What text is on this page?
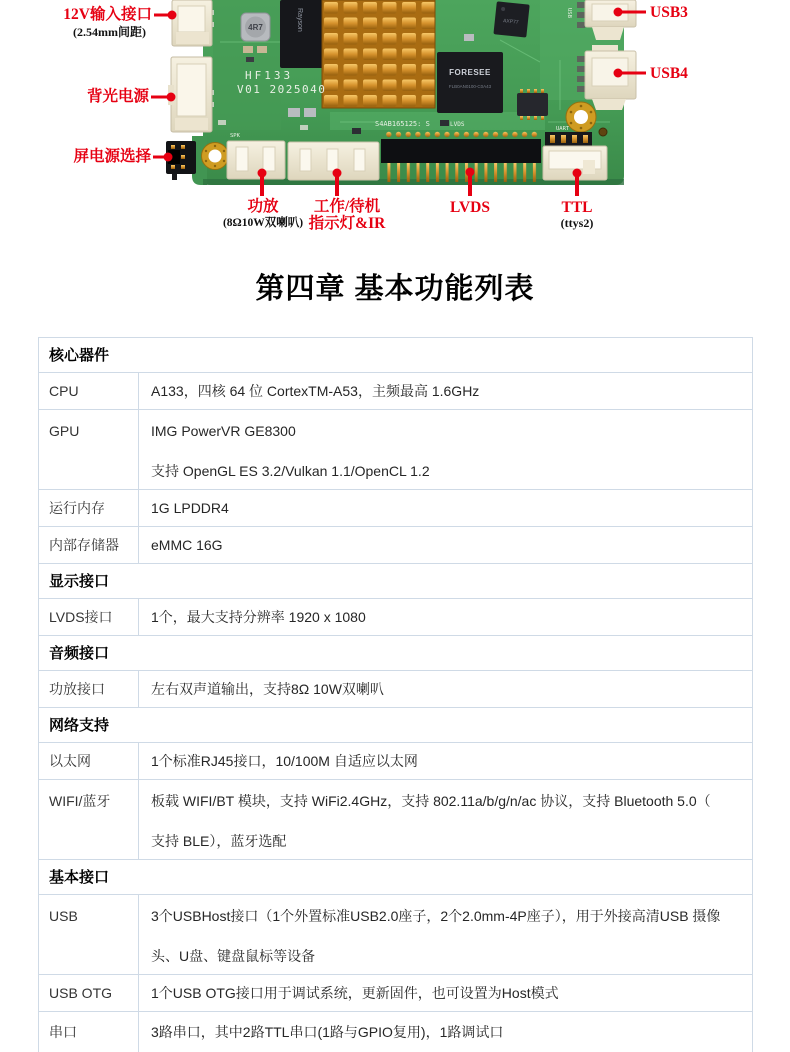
Rayson
4R7
FORESEE
FLB0AN0100-C0A43
AXP77
HF133
V01 2025040
S4AB165125: S	LVDS
UART
SPK
USB
12V输入接口
(2.54mm间距)
背光电源
屏电源选择
USB3
USB4
功放
(8Ω10W双喇叭)
工作/待机
指示灯&IR
LVDS	TTL
(ttys2)
第四章 基本功能列表
核心器件
CPU	A133，四核 64 位 CortexTM-A53，主频最高 1.6GHz
GPU	IMG PowerVR GE8300
支持 OpenGL ES 3.2/Vulkan 1.1/OpenCL 1.2
运行内存	1G LPDDR4
内部存储器	eMMC 16G
显示接口
LVDS接口	1个，最大支持分辨率 1920 x 1080
音频接口
功放接口	左右双声道输出，支持8Ω 10W双喇叭
网络支持
以太网	1个标准RJ45接口，10/100M 自适应以太网
WIFI/蓝牙	板载 WIFI/BT 模块，支持 WiFi2.4GHz，支持 802.11a/b/g/n/ac 协议，支持 Bluetooth 5.0（
支持 BLE），蓝牙选配
基本接口
USB	3个USBHost接口（1个外置标准USB2.0座子，2个2.0mm-4P座子），用于外接高清USB 摄像
头、U盘、键盘鼠标等设备
USB OTG	1个USB OTG接口用于调试系统，更新固件，也可设置为Host模式
串口	3路串口，其中2路TTL串口(1路与GPIO复用)，1路调试口
